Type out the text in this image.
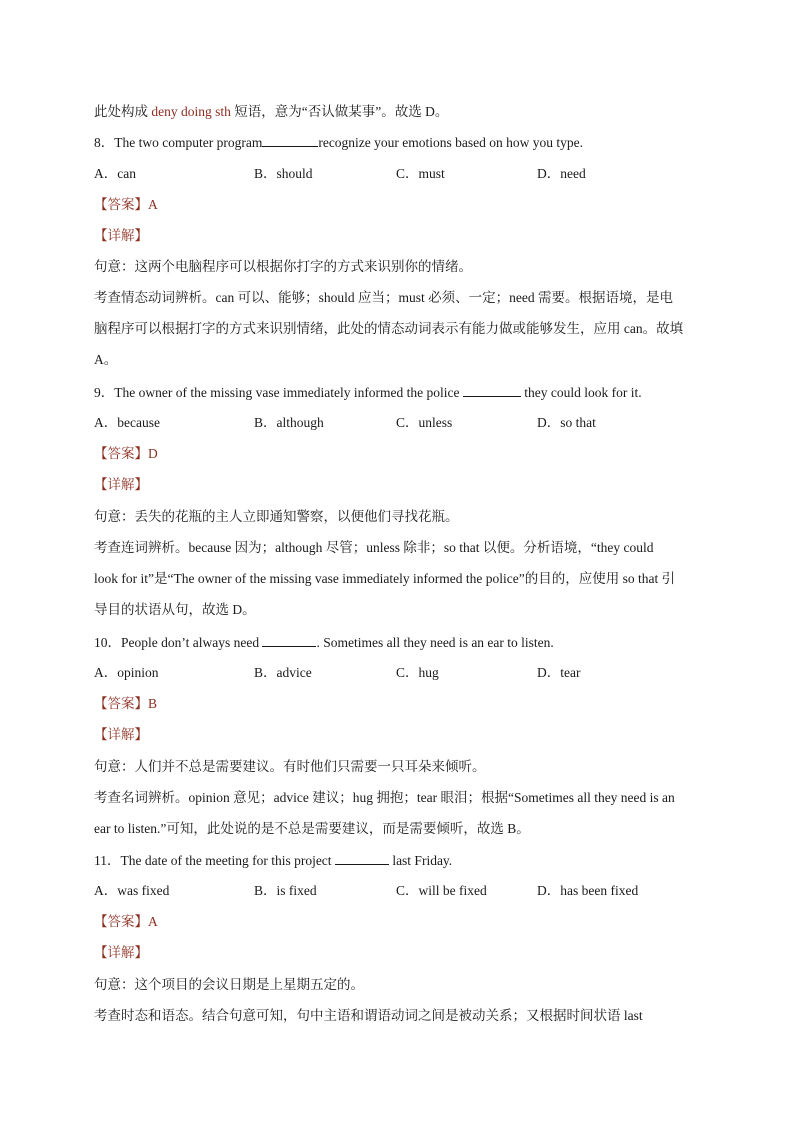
此处构成 deny doing sth 短语，意为“否认做某事”。故选 D。
8．The two computer program	recognize your emotions based on how you type.
A．can	B．should	C．must	D．need
【答案】A
【详解】
句意：这两个电脑程序可以根据你打字的方式来识别你的情绪。
考查情态动词辨析。can 可以、能够；should 应当；must 必须、一定；need 需要。根据语境，是电
脑程序可以根据打字的方式来识别情绪，此处的情态动词表示有能力做或能够发生，应用 can。故填
A。
9．The owner of the missing vase immediately informed the police	they could look for it.
A．because	B．although	C．unless	D．so that
【答案】D
【详解】
句意：丢失的花瓶的主人立即通知警察，以便他们寻找花瓶。
考查连词辨析。because 因为；although 尽管；unless 除非；so that 以便。分析语境，“they could
look for it”是“The owner of the missing vase immediately informed the police”的目的，应使用 so that 引
导目的状语从句，故选 D。
10．People don’t always need	. Sometimes all they need is an ear to listen.
A．opinion	B．advice	C．hug	D．tear
【答案】B
【详解】
句意：人们并不总是需要建议。有时他们只需要一只耳朵来倾听。
考查名词辨析。opinion 意见；advice 建议；hug 拥抱；tear 眼泪；根据“Sometimes all they need is an
ear to listen.”可知，此处说的是不总是需要建议，而是需要倾听，故选 B。
11．The date of the meeting for this project	last Friday.
A．was fixed	B．is fixed	C．will be fixed	D．has been fixed
【答案】A
【详解】
句意：这个项目的会议日期是上星期五定的。
考查时态和语态。结合句意可知，句中主语和谓语动词之间是被动关系；又根据时间状语 last
